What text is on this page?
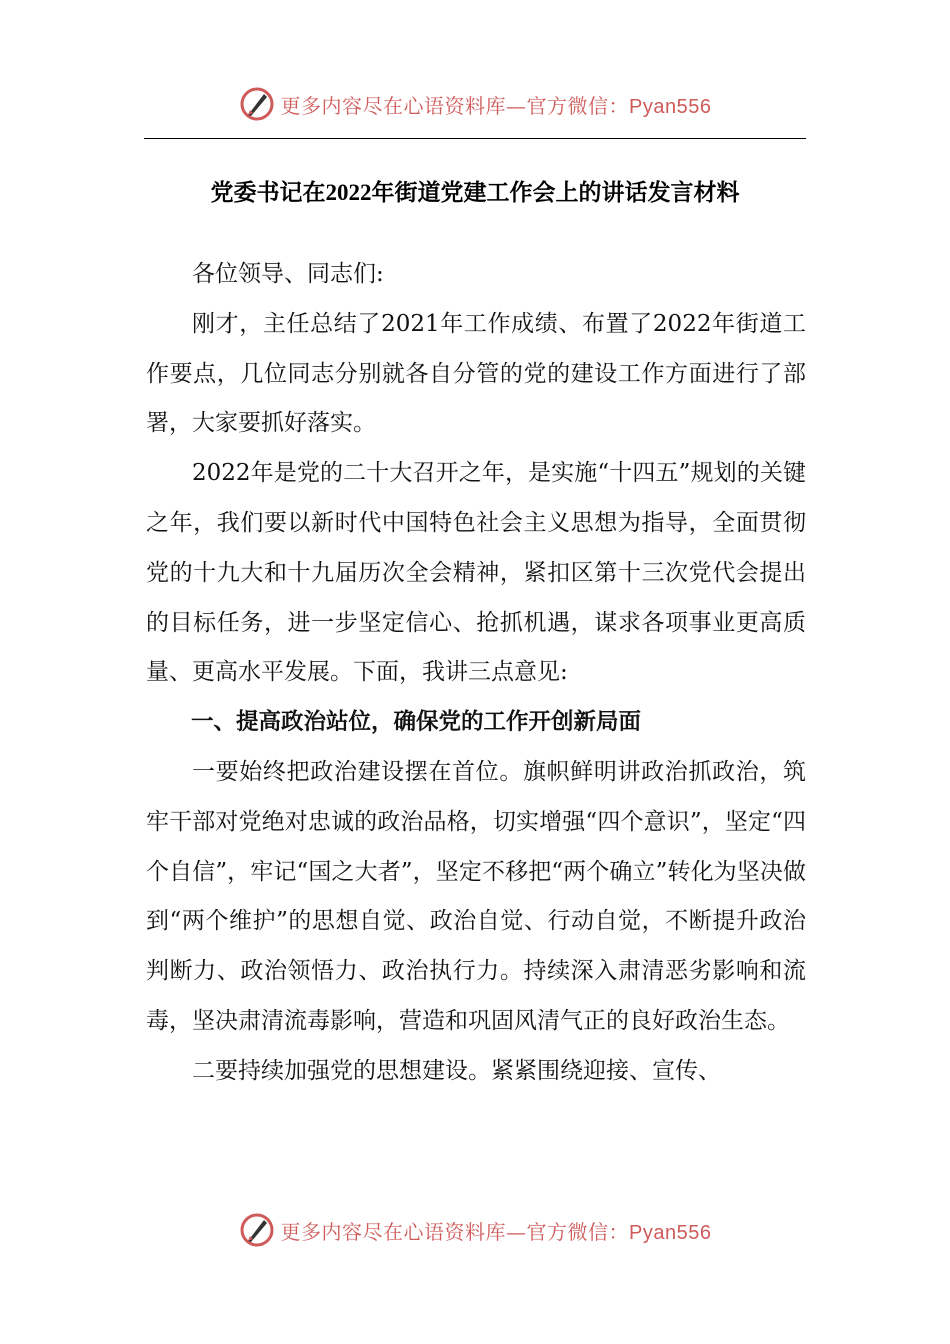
更多内容尽在心语资料库—官方微信：Pyan556
党委书记在2022年街道党建工作会上的讲话发言材料

各位领导、同志们:

刚才，主任总结了2021年工作成绩、布置了2022年街道工作要点，几位同志分别就各自分管的党的建设工作方面进行了部署，大家要抓好落实。

2022年是党的二十大召开之年，是实施“十四五”规划的关键之年，我们要以新时代中国特色社会主义思想为指导，全面贯彻党的十九大和十九届历次全会精神，紧扣区第十三次党代会提出的目标任务，进一步坚定信心、抢抓机遇，谋求各项事业更高质量、更高水平发展。下面，我讲三点意见:

一、提高政治站位，确保党的工作开创新局面

一要始终把政治建设摆在首位。旗帜鲜明讲政治抓政治，筑牢干部对党绝对忠诚的政治品格，切实增强“四个意识”，坚定“四个自信”，牢记“国之大者”，坚定不移把“两个确立”转化为坚决做到“两个维护”的思想自觉、政治自觉、行动自觉，不断提升政治判断力、政治领悟力、政治执行力。持续深入肃清恶劣影响和流毒，坚决肃清流毒影响，营造和巩固风清气正的良好政治生态。

二要持续加强党的思想建设。紧紧围绕迎接、宣传、

更多内容尽在心语资料库—官方微信：Pyan556
